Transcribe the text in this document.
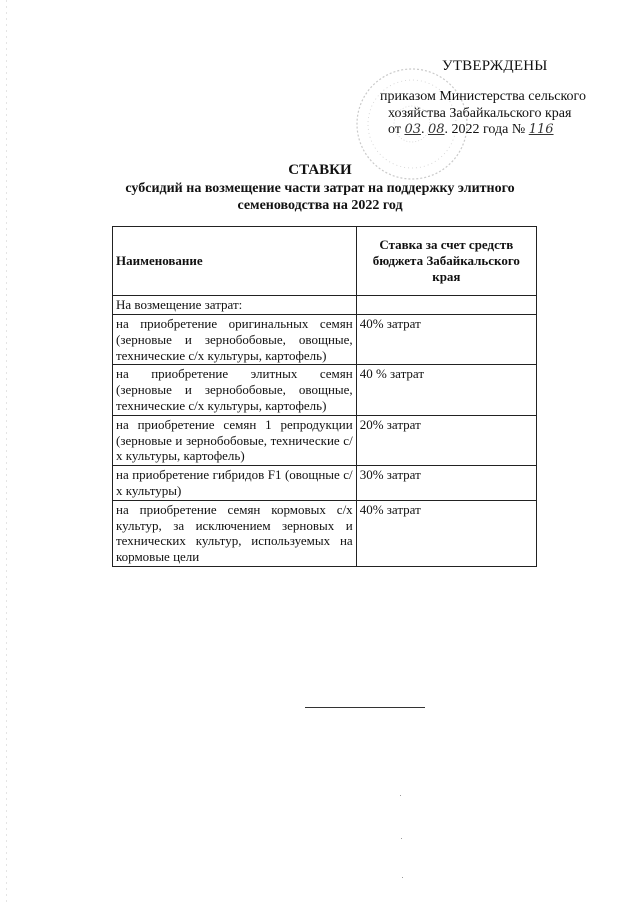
УТВЕРЖДЕНЫ
приказом Министерства сельского
хозяйства Забайкальского края
от 03. 08. 2022 года № 116
СТАВКИ
субсидий на возмещение части затрат на поддержку элитного
семеноводства на 2022 год
Наименование	Ставка за счет средств бюджета Забайкальского края
На возмещение затрат:	
на приобретение оригинальных семян (зерновые и зернобобовые, овощные, технические с/х культуры, картофель)	40% затрат
на приобретение элитных семян (зерновые и зернобобовые, овощные, технические с/х культуры, картофель)	40 % затрат
на приобретение семян 1 репродукции (зерновые и зернобобовые, технические с/х культуры, картофель)	20% затрат
на приобретение гибридов F1 (овощные с/х культуры)	30% затрат
на приобретение семян кормовых с/х культур, за исключением зерновых и технических культур, используемых на кормовые цели	40% затрат
